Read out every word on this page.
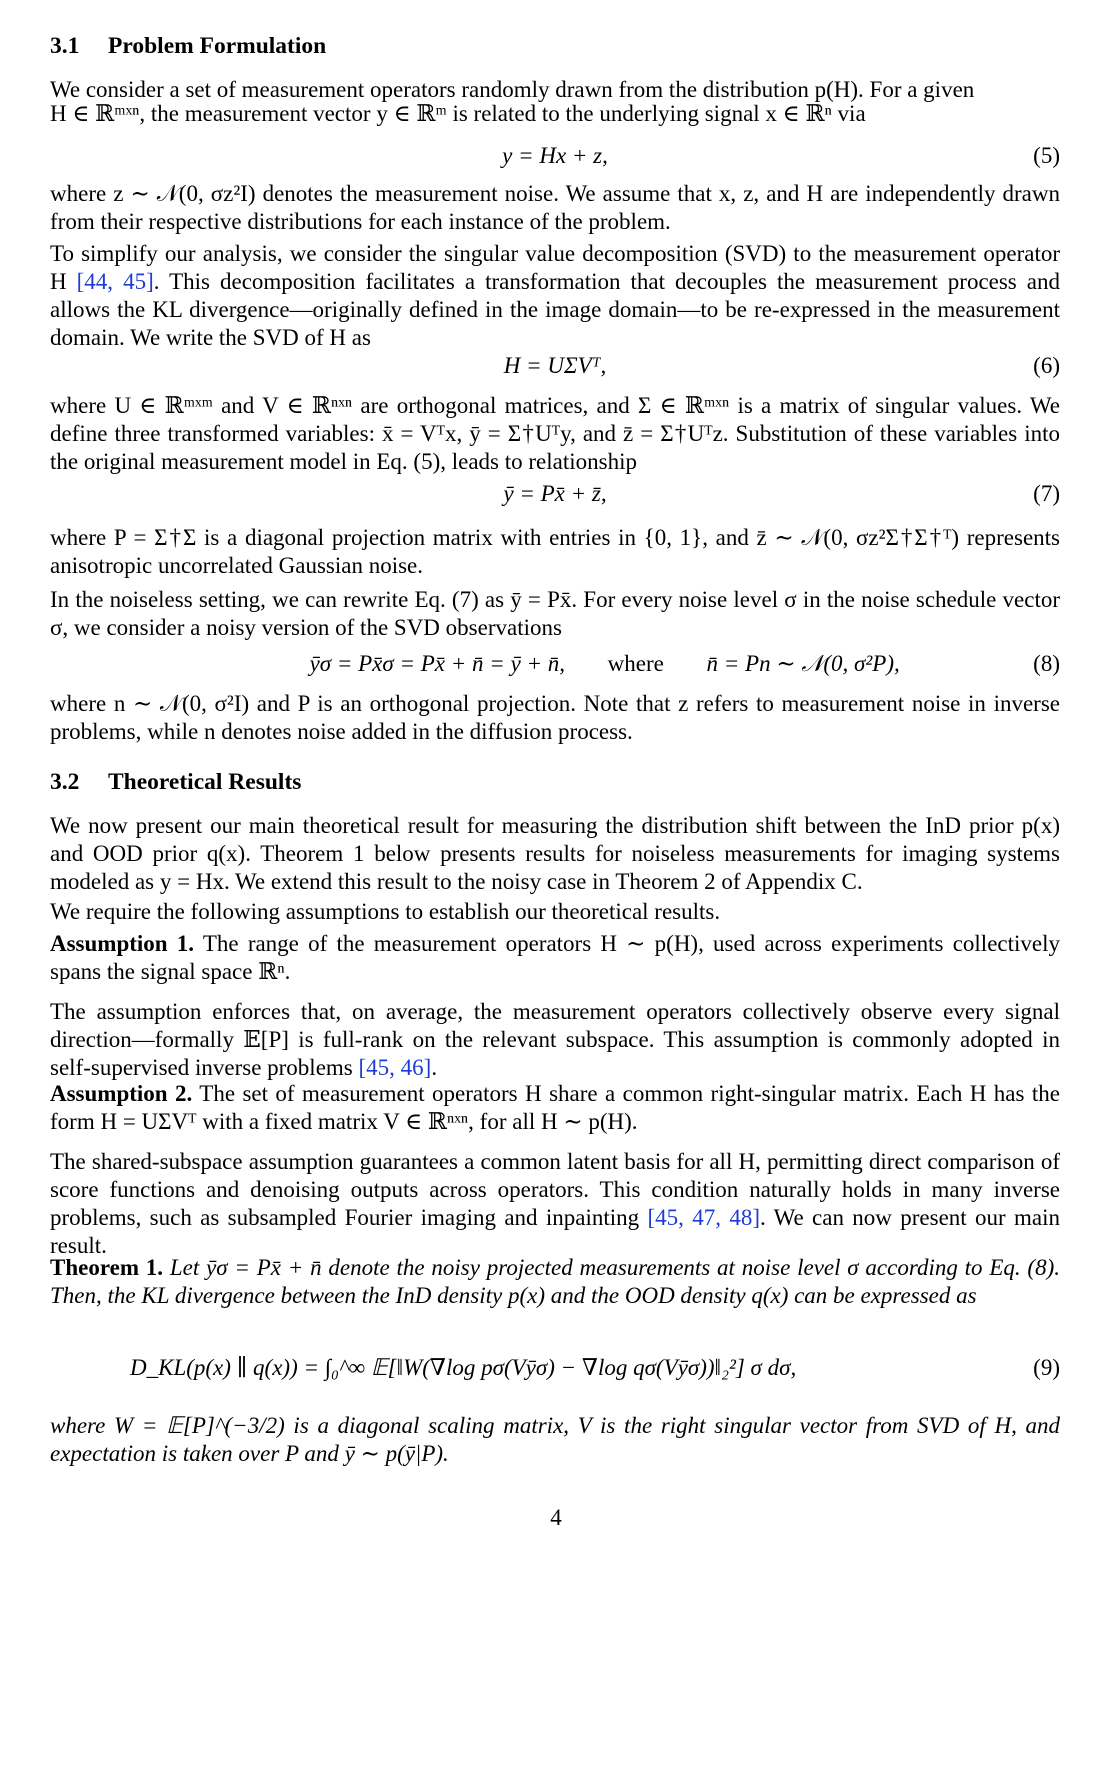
3.1 Problem Formulation

We consider a set of measurement operators randomly drawn from the distribution p(H). For a given

H ∈ ℝᵐˣⁿ, the measurement vector y ∈ ℝᵐ is related to the underlying signal x ∈ ℝⁿ via

y = Hx + z,	(5)

where z ∼ 𝒩(0, σz²I) denotes the measurement noise. We assume that x, z, and H are independently drawn from their respective distributions for each instance of the problem.

To simplify our analysis, we consider the singular value decomposition (SVD) to the measurement operator H [44, 45]. This decomposition facilitates a transformation that decouples the measurement process and allows the KL divergence—originally defined in the image domain—to be re-expressed in the measurement domain. We write the SVD of H as

H = UΣVᵀ,	(6)

where U ∈ ℝᵐˣᵐ and V ∈ ℝⁿˣⁿ are orthogonal matrices, and Σ ∈ ℝᵐˣⁿ is a matrix of singular values. We define three transformed variables: x̄ = Vᵀx, ȳ = Σ†Uᵀy, and z̄ = Σ†Uᵀz. Substitution of these variables into the original measurement model in Eq. (5), leads to relationship

ȳ = Px̄ + z̄,	(7)

where P = Σ†Σ is a diagonal projection matrix with entries in {0, 1}, and z̄ ∼ 𝒩(0, σz²Σ†Σ†ᵀ) represents anisotropic uncorrelated Gaussian noise.

In the noiseless setting, we can rewrite Eq. (7) as ȳ = Px̄. For every noise level σ in the noise schedule vector σ, we consider a noisy version of the SVD observations

ȳσ = Px̄σ = Px̄ + n̄ = ȳ + n̄, where n̄ = Pn ∼ 𝒩(0, σ²P),	(8)

where n ∼ 𝒩(0, σ²I) and P is an orthogonal projection. Note that z refers to measurement noise in inverse problems, while n denotes noise added in the diffusion process.

3.2 Theoretical Results

We now present our main theoretical result for measuring the distribution shift between the InD prior p(x) and OOD prior q(x). Theorem 1 below presents results for noiseless measurements for imaging systems modeled as y = Hx. We extend this result to the noisy case in Theorem 2 of Appendix C.

We require the following assumptions to establish our theoretical results.

Assumption 1. The range of the measurement operators H ∼ p(H), used across experiments collectively spans the signal space ℝⁿ.

The assumption enforces that, on average, the measurement operators collectively observe every signal direction—formally 𝔼[P] is full-rank on the relevant subspace. This assumption is commonly adopted in self-supervised inverse problems [45, 46].

Assumption 2. The set of measurement operators H share a common right-singular matrix. Each H has the form H = UΣVᵀ with a fixed matrix V ∈ ℝⁿˣⁿ, for all H ∼ p(H).

The shared-subspace assumption guarantees a common latent basis for all H, permitting direct comparison of score functions and denoising outputs across operators. This condition naturally holds in many inverse problems, such as subsampled Fourier imaging and inpainting [45, 47, 48]. We can now present our main result.

Theorem 1. Let ȳσ = Px̄ + n̄ denote the noisy projected measurements at noise level σ according to Eq. (8). Then, the KL divergence between the InD density p(x) and the OOD density q(x) can be expressed as

D_KL(p(x) ∥ q(x)) = ∫₀^∞ 𝔼[‖W(∇log pσ(Vȳσ) − ∇log qσ(Vȳσ))‖₂²] σ dσ,	(9)

where W = 𝔼[P]^(−3/2) is a diagonal scaling matrix, V is the right singular vector from SVD of H, and expectation is taken over P and ȳ ∼ p(ȳ|P).

4
